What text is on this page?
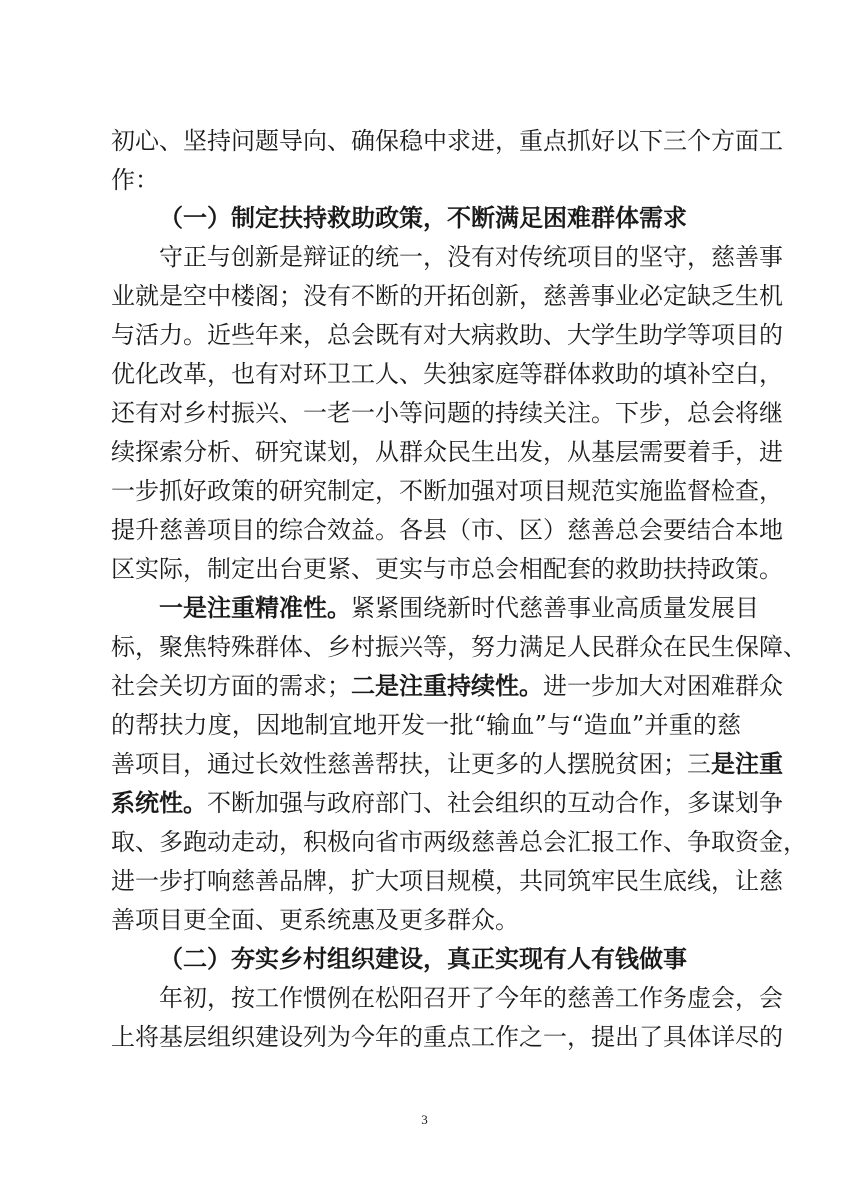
初心、坚持问题导向、确保稳中求进，重点抓好以下三个方面工
作：
（一）制定扶持救助政策，不断满足困难群体需求
守正与创新是辩证的统一，没有对传统项目的坚守，慈善事
业就是空中楼阁；没有不断的开拓创新，慈善事业必定缺乏生机
与活力。近些年来，总会既有对大病救助、大学生助学等项目的
优化改革，也有对环卫工人、失独家庭等群体救助的填补空白，
还有对乡村振兴、一老一小等问题的持续关注。下步，总会将继
续探索分析、研究谋划，从群众民生出发，从基层需要着手，进
一步抓好政策的研究制定，不断加强对项目规范实施监督检查，
提升慈善项目的综合效益。各县（市、区）慈善总会要结合本地
区实际，制定出台更紧、更实与市总会相配套的救助扶持政策。
一是注重精准性。紧紧围绕新时代慈善事业高质量发展目
标，聚焦特殊群体、乡村振兴等，努力满足人民群众在民生保障、
社会关切方面的需求；二是注重持续性。进一步加大对困难群众
的帮扶力度，因地制宜地开发一批“输血”与“造血”并重的慈
善项目，通过长效性慈善帮扶，让更多的人摆脱贫困；三是注重
系统性。不断加强与政府部门、社会组织的互动合作，多谋划争
取、多跑动走动，积极向省市两级慈善总会汇报工作、争取资金，
进一步打响慈善品牌，扩大项目规模，共同筑牢民生底线，让慈
善项目更全面、更系统惠及更多群众。
（二）夯实乡村组织建设，真正实现有人有钱做事
年初，按工作惯例在松阳召开了今年的慈善工作务虚会，会
上将基层组织建设列为今年的重点工作之一，提出了具体详尽的
3
